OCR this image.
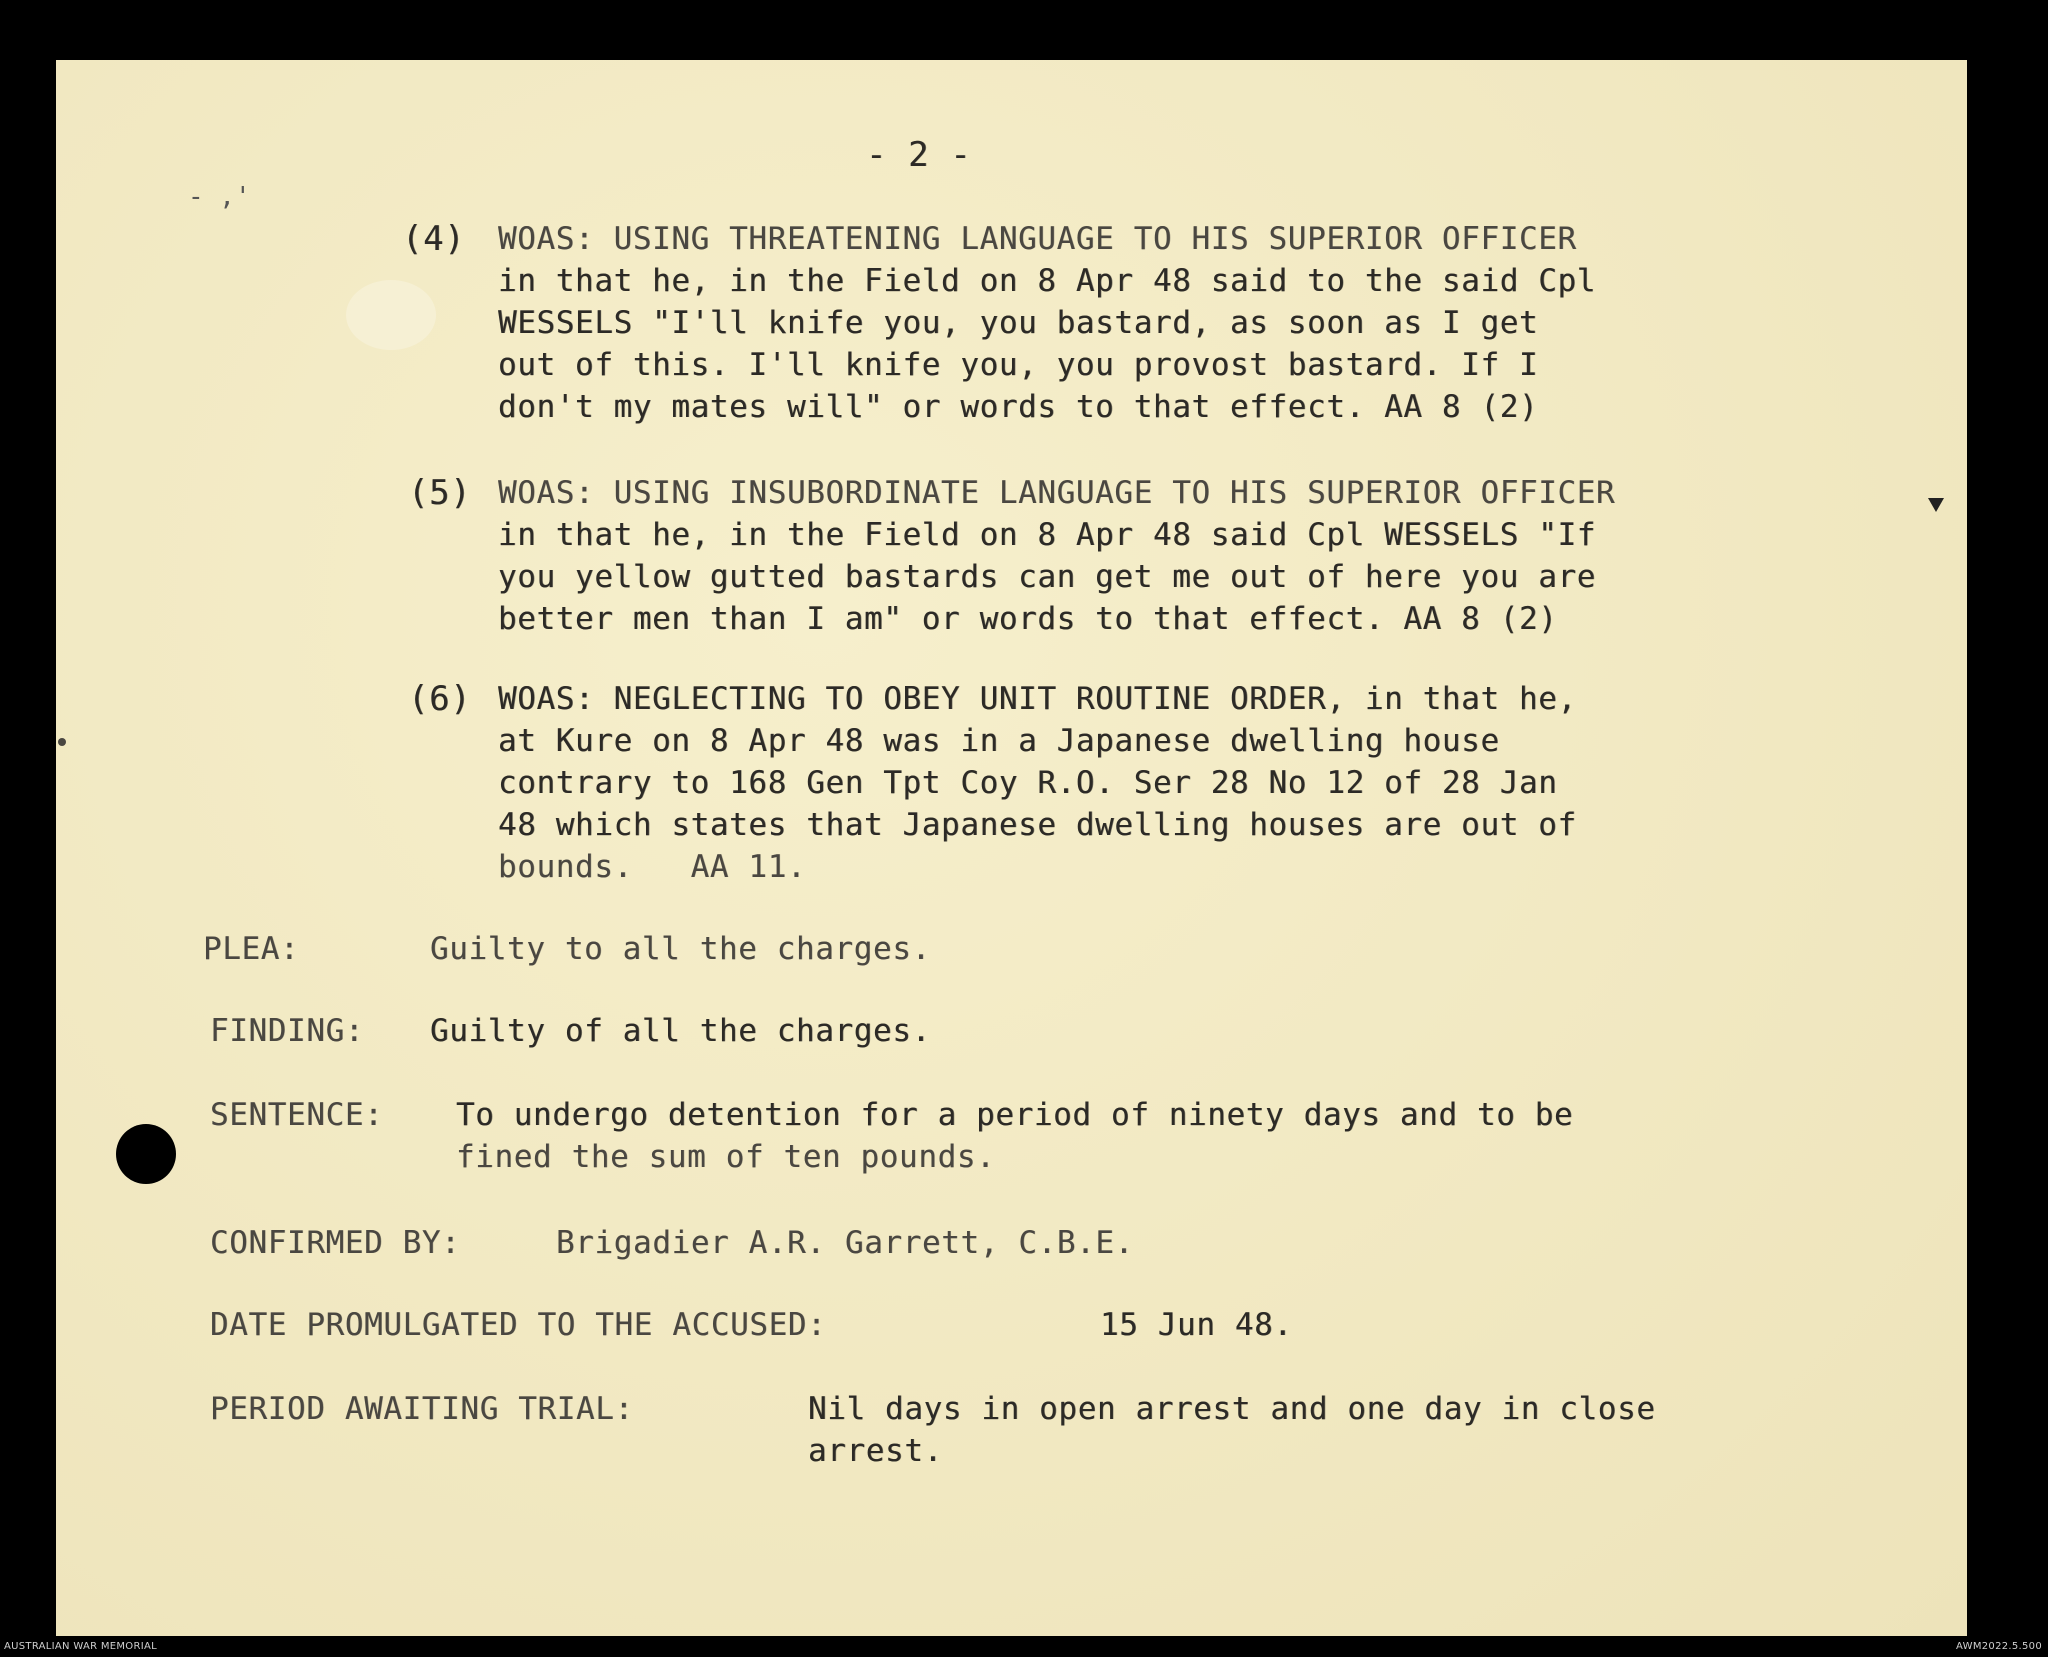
- ,'
- 2 -
(4) WOAS: USING THREATENING LANGUAGE TO HIS SUPERIOR OFFICER
in that he, in the Field on 8 Apr 48 said to the said Cpl
WESSELS "I'll knife you, you bastard, as soon as I get
out of this. I'll knife you, you provost bastard. If I
don't my mates will" or words to that effect. AA 8 (2)
(5) WOAS: USING INSUBORDINATE LANGUAGE TO HIS SUPERIOR OFFICER
in that he, in the Field on 8 Apr 48 said Cpl WESSELS "If
you yellow gutted bastards can get me out of here you are
better men than I am" or words to that effect. AA 8 (2)
(6) WOAS: NEGLECTING TO OBEY UNIT ROUTINE ORDER, in that he,
at Kure on 8 Apr 48 was in a Japanese dwelling house
contrary to 168 Gen Tpt Coy R.O. Ser 28 No 12 of 28 Jan
48 which states that Japanese dwelling houses are out of
bounds.   AA 11.
PLEA:	Guilty to all the charges.
FINDING: Guilty of all the charges.
SENTENCE: To undergo detention for a period of ninety days and to be
fined the sum of ten pounds.
CONFIRMED BY:	Brigadier A.R. Garrett, C.B.E.
DATE PROMULGATED TO THE ACCUSED:	15 Jun 48.
PERIOD AWAITING TRIAL:	Nil days in open arrest and one day in close
arrest.
AUSTRALIAN WAR MEMORIAL	AWM2022.5.500
